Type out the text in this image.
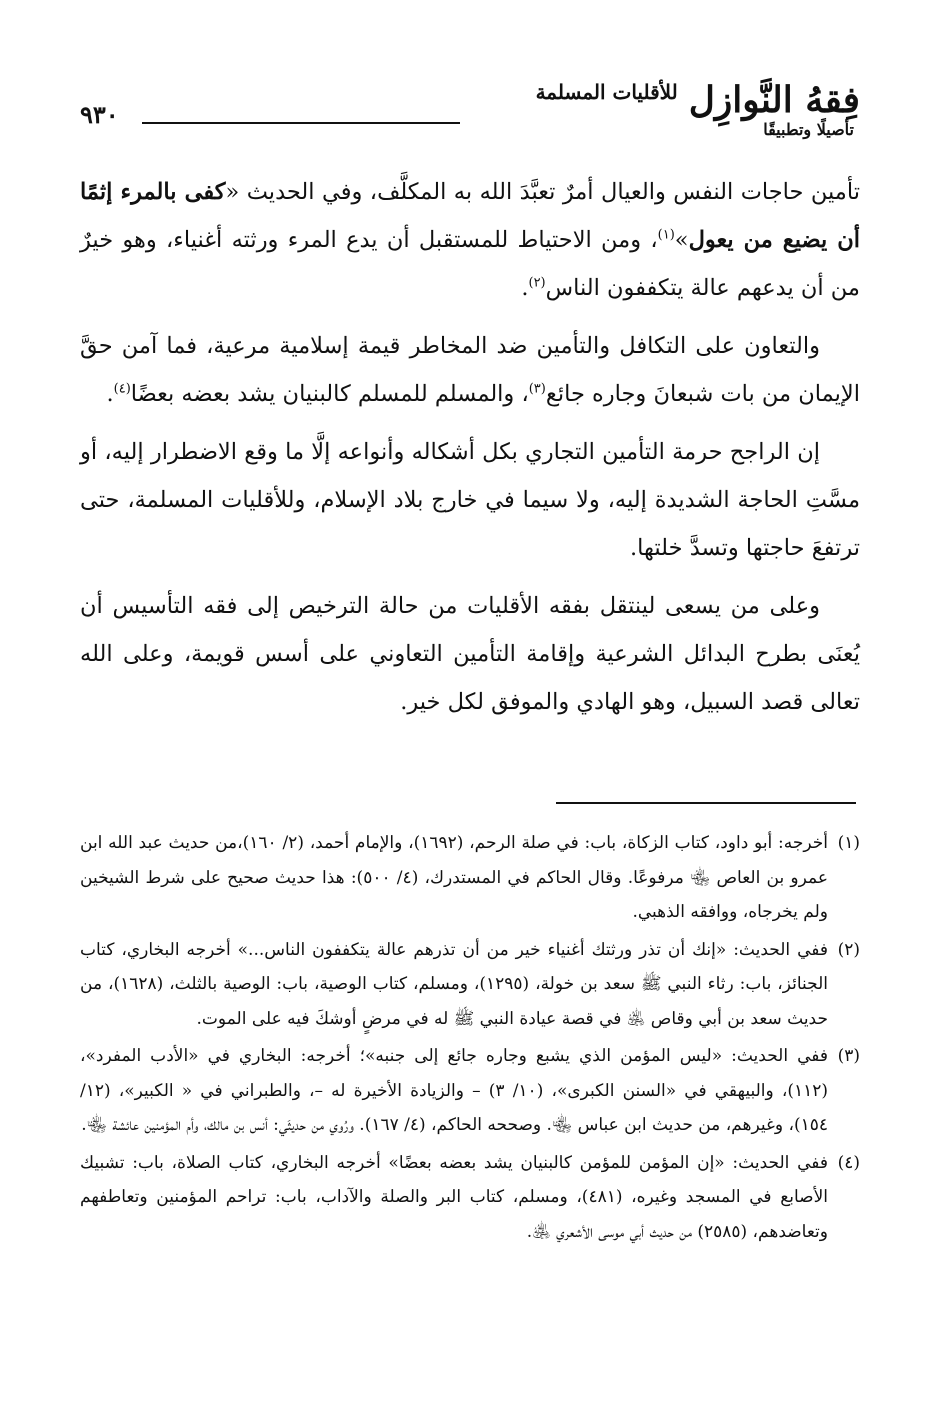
٩٣٠	فِقهُ النَّوازِل للأقليات المسلمة
تأصيلًا وتطبيقًا

تأمين حاجات النفس والعيال أمرٌ تعبَّدَ الله به المكلَّف، وفي الحديث «كفى بالمرء إثمًا أن يضيع من يعول»$^{(١)}$، ومن الاحتياط للمستقبل أن يدع المرء ورثته أغنياء، وهو خيرٌ من أن يدعهم عالة يتكففون الناس$^{(٢)}$.

والتعاون على التكافل والتأمين ضد المخاطر قيمة إسلامية مرعية، فما آمن حقَّ الإيمان من بات شبعانَ وجاره جائع$^{(٣)}$، والمسلم للمسلم كالبنيان يشد بعضه بعضًا$^{(٤)}$.

إن الراجح حرمة التأمين التجاري بكل أشكاله وأنواعه إلَّا ما وقع الاضطرار إليه، أو مسَّتِ الحاجة الشديدة إليه، ولا سيما في خارج بلاد الإسلام، وللأقليات المسلمة، حتى ترتفعَ حاجتها وتسدَّ خلتها.

وعلى من يسعى لينتقل بفقه الأقليات من حالة الترخيص إلى فقه التأسيس أن يُعنَى بطرح البدائل الشرعية وإقامة التأمين التعاوني على أسس قويمة، وعلى الله تعالى قصد السبيل، وهو الهادي والموفق لكل خير.

(١)
أخرجه: أبو داود، كتاب الزكاة، باب: في صلة الرحم، (١٦٩٢)، والإمام أحمد، (٢/ ١٦٠)،من حديث عبد الله ابن عمرو بن العاص ﵄ مرفوعًا. وقال الحاكم في المستدرك، (٤/ ٥٠٠): هذا حديث صحيح على شرط الشيخين ولم يخرجاه، ووافقه الذهبي.
(٢)
ففي الحديث: «إنك أن تذر ورثتك أغنياء خير من أن تذرهم عالة يتكففون الناس...» أخرجه البخاري، كتاب الجنائز، باب: رثاء النبي ﷺ سعد بن خولة، (١٢٩٥)، ومسلم، كتاب الوصية، باب: الوصية بالثلث، (١٦٢٨)، من حديث سعد بن أبي وقاص ﵁ في قصة عيادة النبي ﷺ له في مرضٍ أوشكَ فيه على الموت.
(٣)
ففي الحديث: «ليس المؤمن الذي يشبع وجاره جائع إلى جنبه»؛ أخرجه: البخاري في «الأدب المفرد»، (١١٢)، والبيهقي في «السنن الكبرى»، (١٠/ ٣) – والزيادة الأخيرة له –، والطبراني في « الكبير»، (١٢/ ١٥٤)، وغيرهم، من حديث ابن عباس ﵄. وصححه الحاكم، (٤/ ١٦٧). ورُوي من حديثَي: أنس بن مالك، وأم المؤمنين عائشة ﵄.
(٤)
ففي الحديث: «إن المؤمن للمؤمن كالبنيان يشد بعضه بعضًا» أخرجه البخاري، كتاب الصلاة، باب: تشبيك الأصابع في المسجد وغيره، (٤٨١)، ومسلم، كتاب البر والصلة والآداب، باب: تراحم المؤمنين وتعاطفهم وتعاضدهم، (٢٥٨٥) من حديث أبي موسى الأشعري ﵁.
